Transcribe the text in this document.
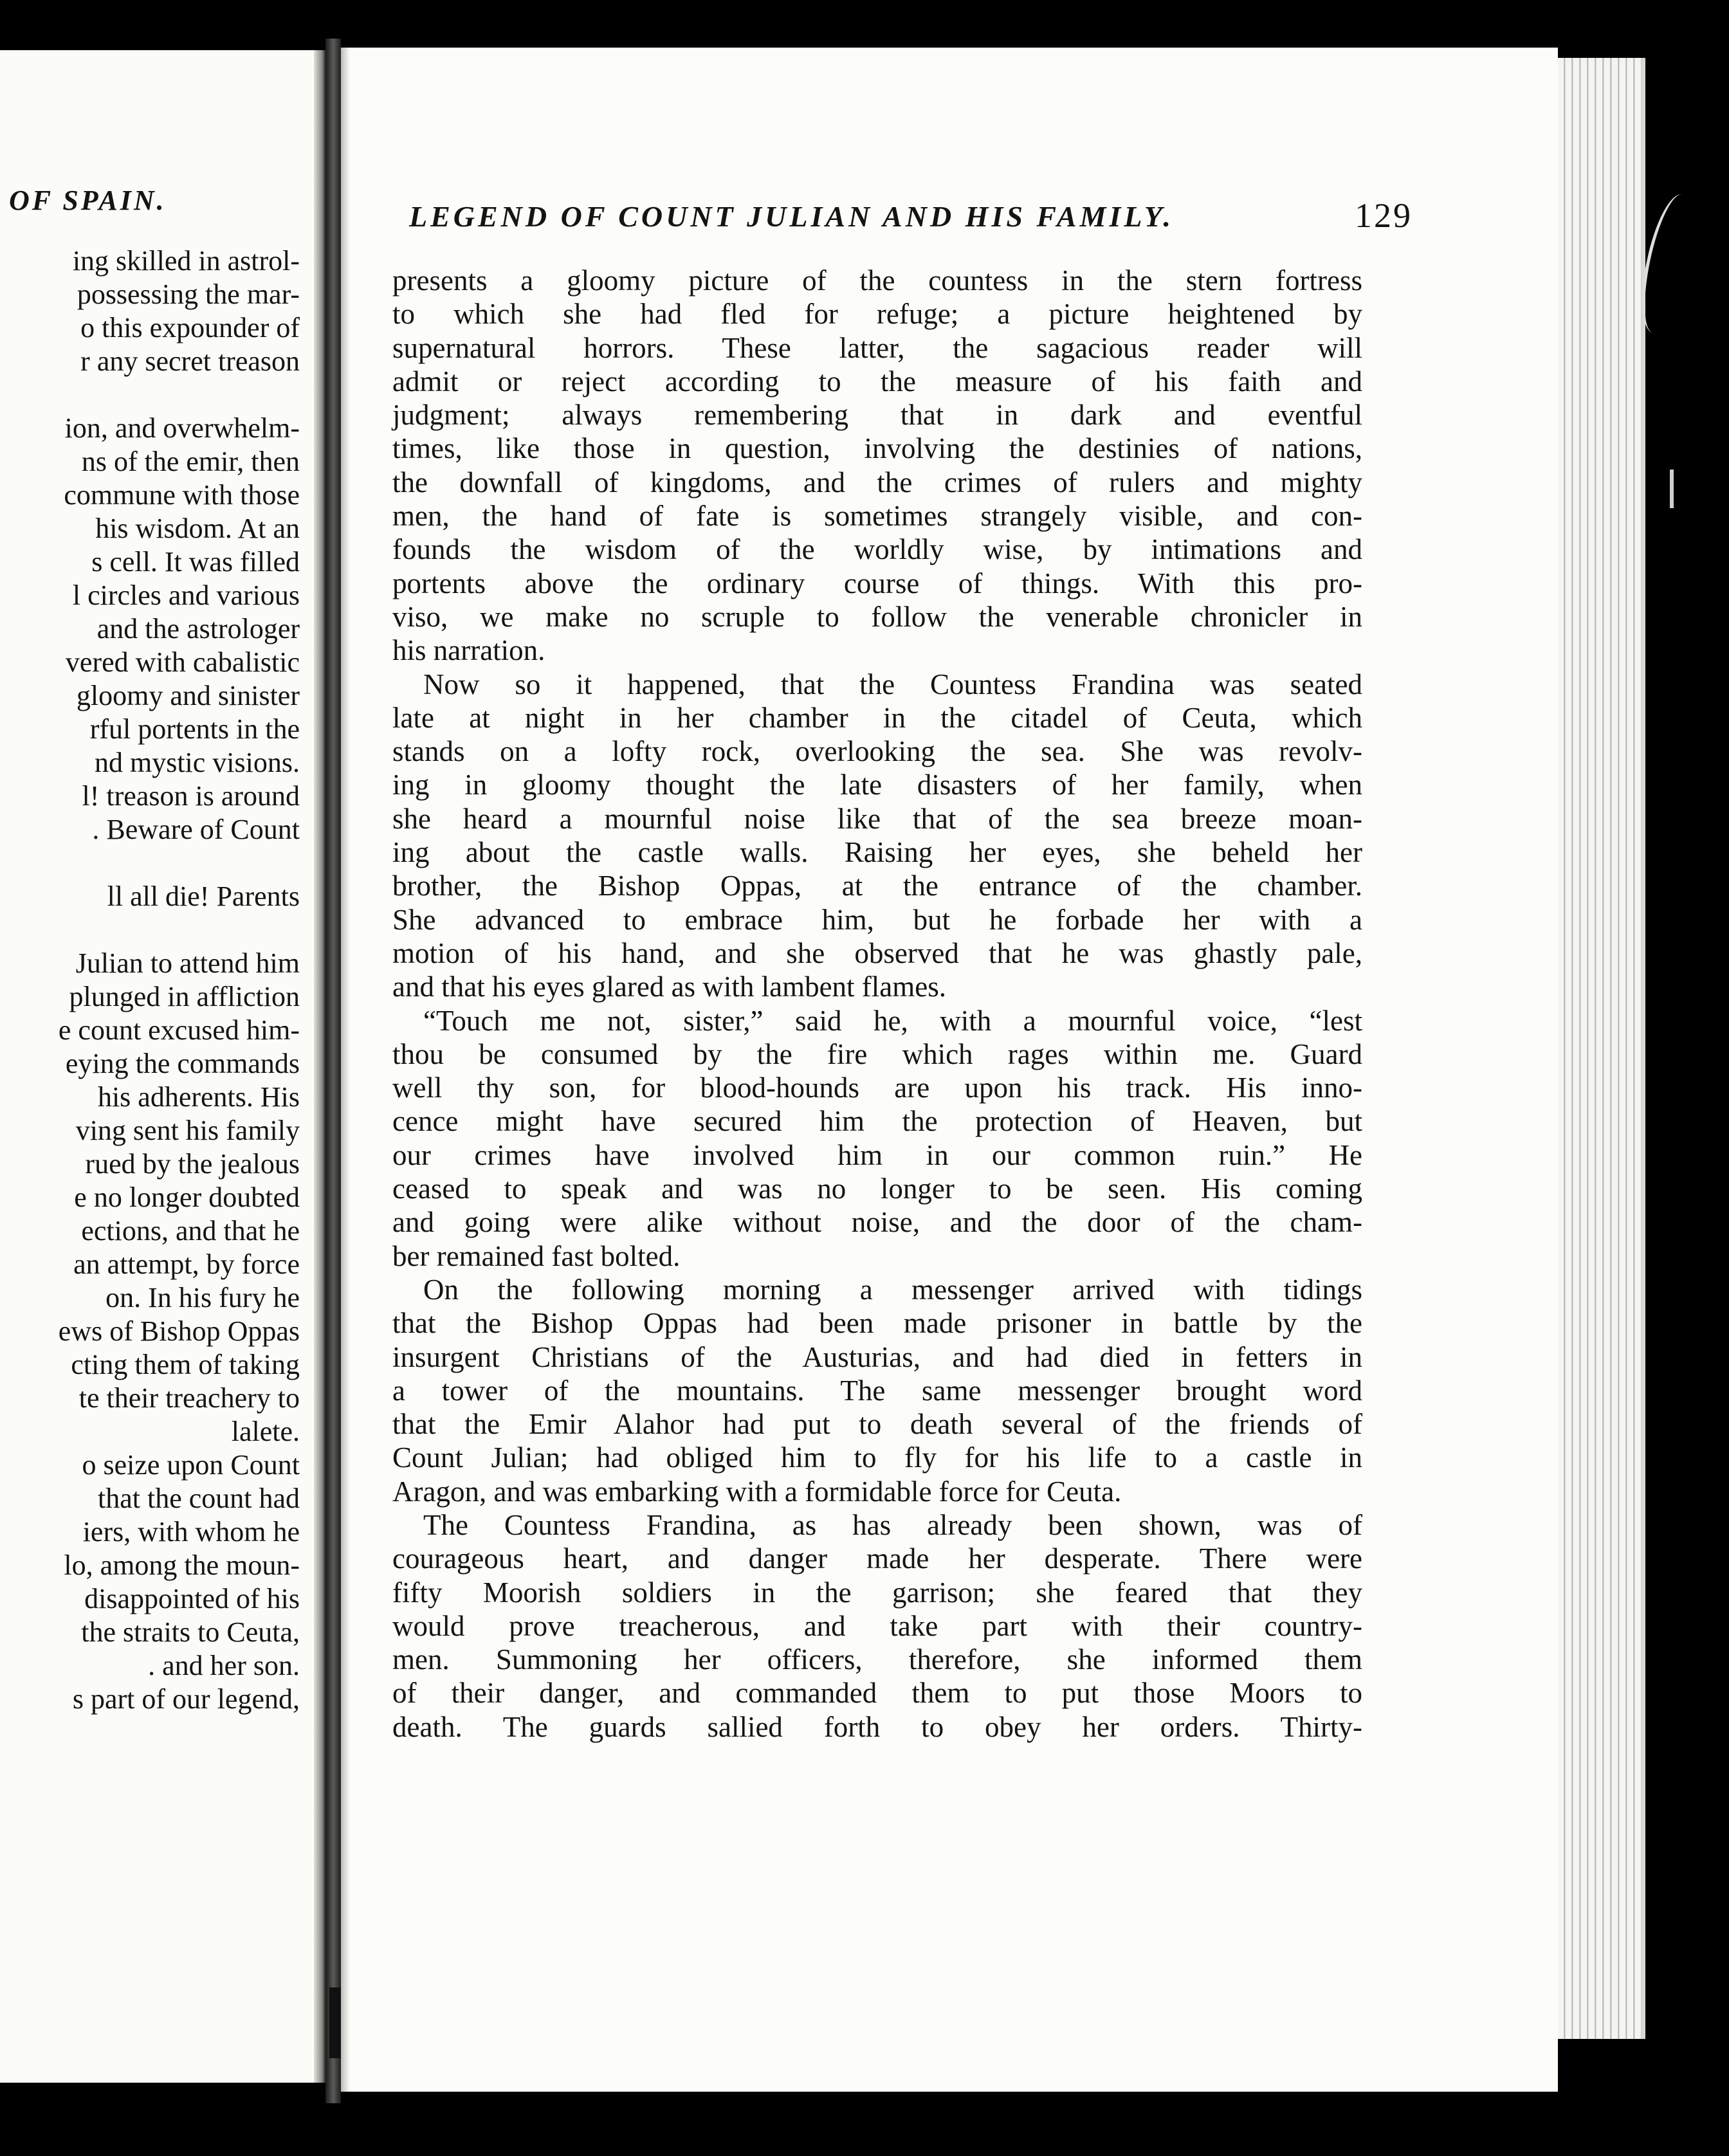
OF SPAIN.
ing skilled in astrol-
possessing the mar-
o this expounder of
r any secret treason

ion, and overwhelm-
ns of the emir, then
commune with those
his wisdom. At an
s cell. It was filled
l circles and various
and the astrologer
vered with cabalistic
gloomy and sinister
rful portents in the
nd mystic visions.
l! treason is around
. Beware of Count

ll all die! Parents

Julian to attend him
plunged in affliction
e count excused him-
eying the commands
his adherents. His
ving sent his family
rued by the jealous
e no longer doubted
ections, and that he
an attempt, by force
on. In his fury he
ews of Bishop Oppas
cting them of taking
te their treachery to
lalete.
o seize upon Count
that the count had
iers, with whom he
lo, among the moun-
disappointed of his
the straits to Ceuta,
. and her son.
s part of our legend,
LEGEND OF COUNT JULIAN AND HIS FAMILY.	129
presents a gloomy picture of the countess in the stern fortress
to which she had fled for refuge; a picture heightened by
supernatural horrors. These latter, the sagacious reader will
admit or reject according to the measure of his faith and
judgment; always remembering that in dark and eventful
times, like those in question, involving the destinies of nations,
the downfall of kingdoms, and the crimes of rulers and mighty
men, the hand of fate is sometimes strangely visible, and con-
founds the wisdom of the worldly wise, by intimations and
portents above the ordinary course of things. With this pro-
viso, we make no scruple to follow the venerable chronicler in
his narration.
Now so it happened, that the Countess Frandina was seated
late at night in her chamber in the citadel of Ceuta, which
stands on a lofty rock, overlooking the sea. She was revolv-
ing in gloomy thought the late disasters of her family, when
she heard a mournful noise like that of the sea breeze moan-
ing about the castle walls. Raising her eyes, she beheld her
brother, the Bishop Oppas, at the entrance of the chamber.
She advanced to embrace him, but he forbade her with a
motion of his hand, and she observed that he was ghastly pale,
and that his eyes glared as with lambent flames.
“Touch me not, sister,” said he, with a mournful voice, “lest
thou be consumed by the fire which rages within me. Guard
well thy son, for blood-hounds are upon his track. His inno-
cence might have secured him the protection of Heaven, but
our crimes have involved him in our common ruin.” He
ceased to speak and was no longer to be seen. His coming
and going were alike without noise, and the door of the cham-
ber remained fast bolted.
On the following morning a messenger arrived with tidings
that the Bishop Oppas had been made prisoner in battle by the
insurgent Christians of the Austurias, and had died in fetters in
a tower of the mountains. The same messenger brought word
that the Emir Alahor had put to death several of the friends of
Count Julian; had obliged him to fly for his life to a castle in
Aragon, and was embarking with a formidable force for Ceuta.
The Countess Frandina, as has already been shown, was of
courageous heart, and danger made her desperate. There were
fifty Moorish soldiers in the garrison; she feared that they
would prove treacherous, and take part with their country-
men. Summoning her officers, therefore, she informed them
of their danger, and commanded them to put those Moors to
death. The guards sallied forth to obey her orders. Thirty-
